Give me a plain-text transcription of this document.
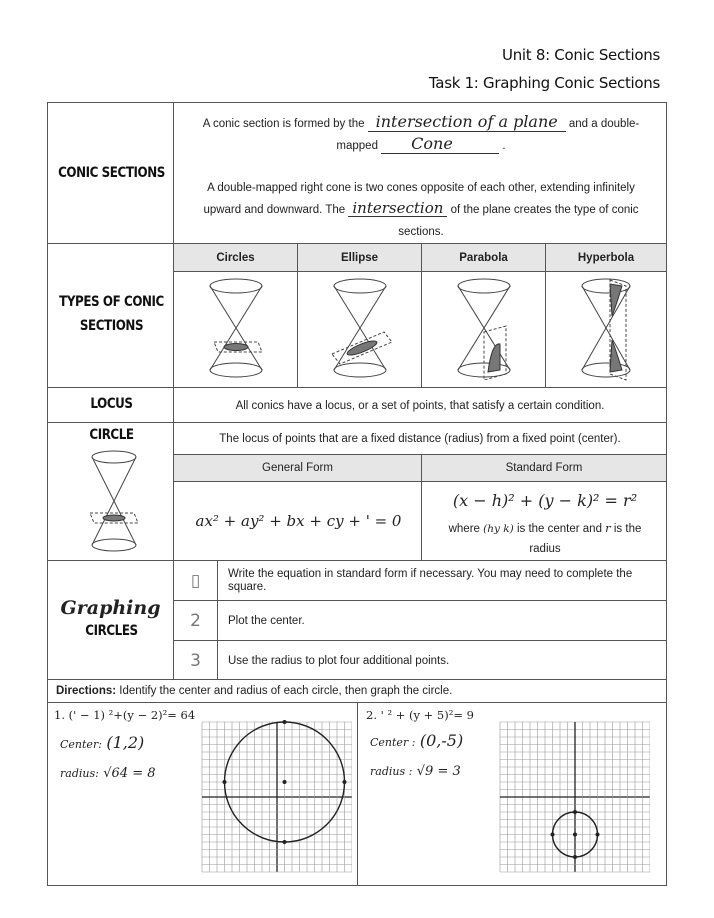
Unit 8: Conic Sections
Task 1: Graphing Conic Sections
CONIC SECTIONS
A conic section is formed by the intersection of a plane and a double-
mapped Cone	.
A double-mapped right cone is two cones opposite of each other, extending infinitely upward and downward. The intersection of the plane creates the type of conic sections.
TYPES OF CONIC
SECTIONS
Circles	Ellipse	Parabola	Hyperbola
LOCUS	All conics have a locus, or a set of points, that satisfy a certain condition.
CIRCLE	The locus of points that are a fixed distance (radius) from a fixed point (center).
General Form	Standard Form
ax² + ay² + bx + cy + ' = 0
(x − h)² + (y − k)² = r²
where (hy k) is the center and r is the radius
Graphing
CIRCLES
▯	Write the equation in standard form if necessary. You may need to complete the square.
2	Plot the center.
3	Use the radius to plot four additional points.
Directions: Identify the center and radius of each circle, then graph the circle.
1. (' − 1) ²+(y − 2)²= 64
Center: (1,2)
radius: √64 = 8
2. ' ² + (y + 5)²= 9
Center : (0,-5)
radius : √9 = 3
